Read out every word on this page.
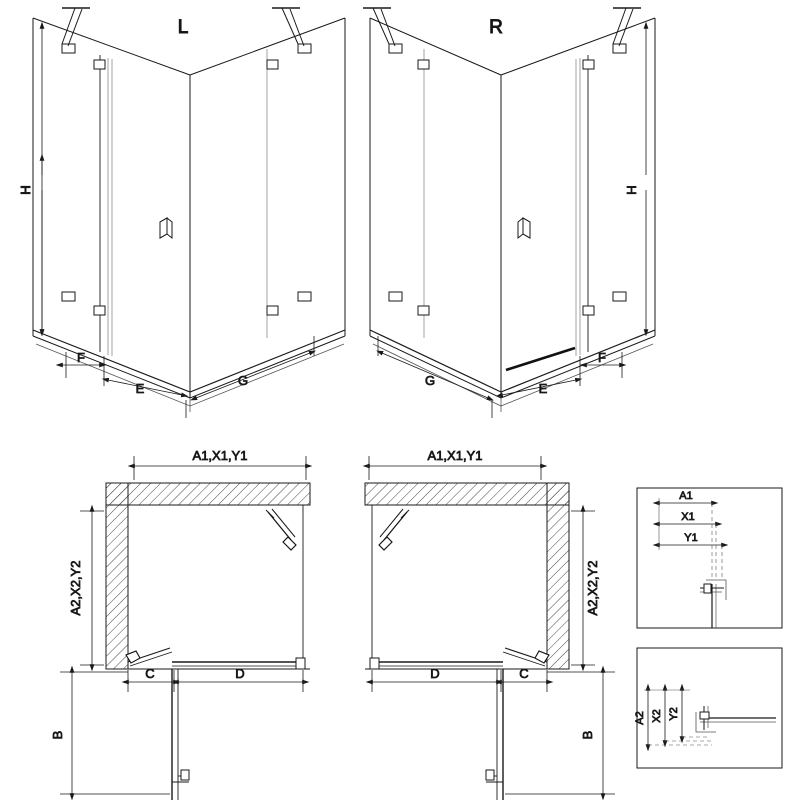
L
H
F
E
G
R
H
G
E
F
A1,X1,Y1
A2,X2,Y2
C	D
B
A1,X1,Y1
A2,X2,Y2
D	C
B
A1
X1
Y1
A2 X2 Y2
